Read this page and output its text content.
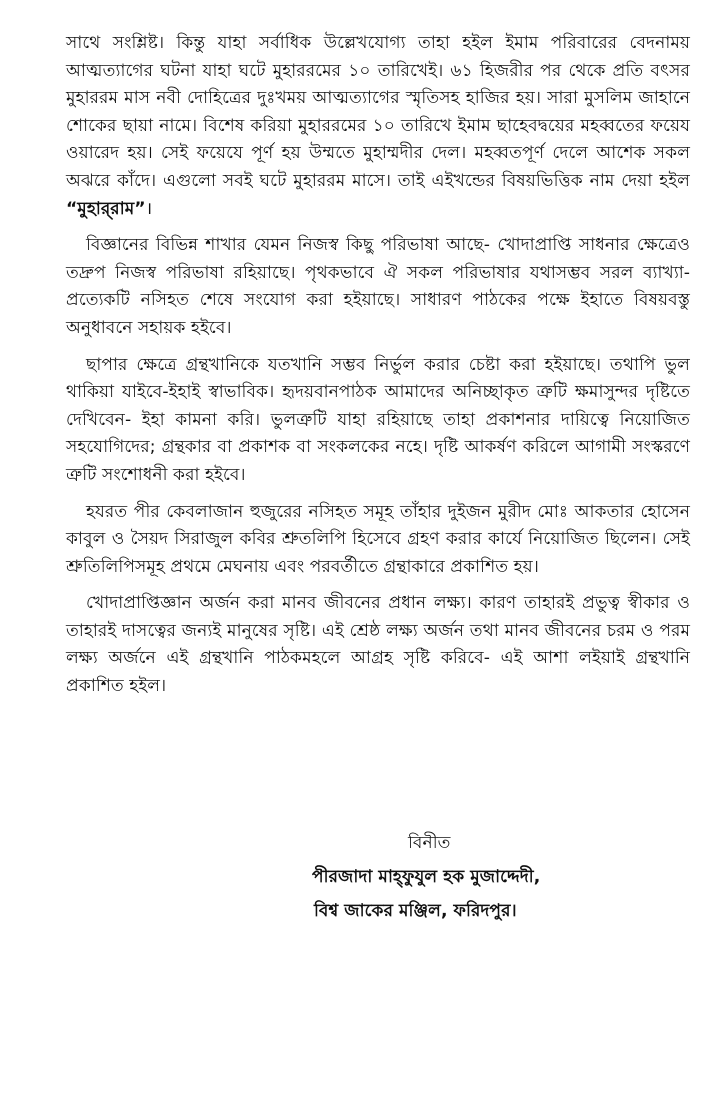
সাথে সংশ্লিষ্ট। কিন্তু যাহা সর্বাধিক উল্লেখযোগ্য তাহা হইল ইমাম পরিবারের বেদনাময় আত্মত্যাগের ঘটনা যাহা ঘটে মুহাররমের ১০ তারিখেই। ৬১ হিজরীর পর থেকে প্রতি বৎসর মুহাররম মাস নবী দোহিত্রের দুঃখময় আত্মত্যাগের স্মৃতিসহ হাজির হয়। সারা মুসলিম জাহানে শোকের ছায়া নামে। বিশেষ করিয়া মুহাররমের ১০ তারিখে ইমাম ছাহেবদ্বয়ের মহব্বতের ফয়েয ওয়ারেদ হয়। সেই ফয়েযে পূর্ণ হয় উম্মতে মুহাম্মদীর দেল। মহব্বতপূর্ণ দেলে আশেক সকল অঝরে কাঁদে। এগুলো সবই ঘটে মুহাররম মাসে। তাই এইখন্ডের বিষয়ভিত্তিক নাম দেয়া হইল “মুহার্‌রাম”।

বিজ্ঞানের বিভিন্ন শাখার যেমন নিজস্ব কিছু পরিভাষা আছে- খোদাপ্রাপ্তি সাধনার ক্ষেত্রেও তদ্রুপ নিজস্ব পরিভাষা রহিয়াছে। পৃথকভাবে ঐ সকল পরিভাষার যথাসম্ভব সরল ব্যাখ্যা-প্রত্যেকটি নসিহত শেষে সংযোগ করা হইয়াছে। সাধারণ পাঠকের পক্ষে ইহাতে বিষয়বস্তু অনুধাবনে সহায়ক হইবে।

ছাপার ক্ষেত্রে গ্রন্থখানিকে যতখানি সম্ভব নির্ভুল করার চেষ্টা করা হইয়াছে। তথাপি ভুল থাকিয়া যাইবে-ইহাই স্বাভাবিক। হৃদয়বানপাঠক আমাদের অনিচ্ছাকৃত ত্রুটি ক্ষমাসুন্দর দৃষ্টিতে দেখিবেন- ইহা কামনা করি। ভুলত্রুটি যাহা রহিয়াছে তাহা প্রকাশনার দায়িত্বে নিয়োজিত সহযোগিদের; গ্রন্থকার বা প্রকাশক বা সংকলকের নহে। দৃষ্টি আকর্ষণ করিলে আগামী সংস্করণে ত্রুটি সংশোধনী করা হইবে।

হযরত পীর কেবলাজান হুজুরের নসিহত সমূহ তাঁহার দুইজন মুরীদ মোঃ আকতার হোসেন কাবুল ও সৈয়দ সিরাজুল কবির শ্রুতলিপি হিসেবে গ্রহণ করার কার্যে নিয়োজিত ছিলেন। সেই শ্রুতিলিপিসমূহ প্রথমে মেঘনায় এবং পরবর্তীতে গ্রন্থাকারে প্রকাশিত হয়।

খোদাপ্রাপ্তিজ্ঞান অর্জন করা মানব জীবনের প্রধান লক্ষ্য। কারণ তাহারই প্রভুত্ব স্বীকার ও তাহারই দাসত্বের জন্যই মানুষের সৃষ্টি। এই শ্রেষ্ঠ লক্ষ্য অর্জন তথা মানব জীবনের চরম ও পরম লক্ষ্য অর্জনে এই গ্রন্থখানি পাঠকমহলে আগ্রহ সৃষ্টি করিবে- এই আশা লইয়াই গ্রন্থখানি প্রকাশিত হইল।

বিনীত
পীরজাদা মাহ্‌ফুযুল হক মুজাদ্দেদী,
বিশ্ব জাকের মঞ্জিল, ফরিদপুর।
